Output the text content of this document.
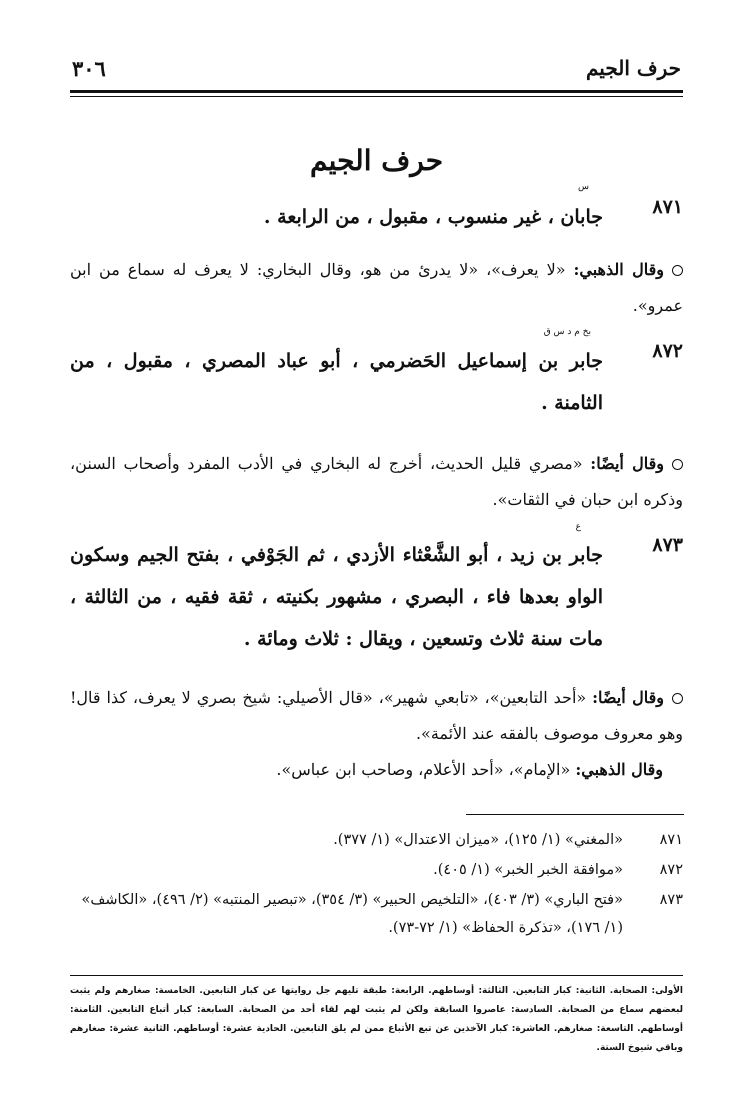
حرف الجيم
٣٠٦
حرف الجيم
٨٧١
س
جابان ، غير منسوب ، مقبول ، من الرابعة .
وقال الذهبي: «لا يعرف»، «لا يدرئ من هو، وقال البخاري: لا يعرف له سماع من ابن عمرو».
٨٧٢
بخ م د س ق
جابر بن إسماعيل الحَضرمي ، أبو عباد المصري ، مقبول ، من الثامنة .
وقال أيضًا: «مصري قليل الحديث، أخرج له البخاري في الأدب المفرد وأصحاب السنن، وذكره ابن حبان في الثقات».
٨٧٣
ع
جابر بن زيد ، أبو الشَّعْثاء الأزدي ، ثم الجَوْفي ، بفتح الجيم وسكون الواو بعدها فاء ، البصري ، مشهور بكنيته ، ثقة فقيه ، من الثالثة ، مات سنة ثلاث وتسعين ، ويقال : ثلاث ومائة .
وقال أيضًا: «أحد التابعين»، «تابعي شهير»، «قال الأصيلي: شيخ بصري لا يعرف، كذا قال! وهو معروف موصوف بالفقه عند الأئمة».
وقال الذهبي: «الإمام»، «أحد الأعلام، وصاحب ابن عباس».
٨٧١
«المغني» (١/ ١٢٥)، «ميزان الاعتدال» (١/ ٣٧٧).
٨٧٢
«موافقة الخبر الخبر» (١/ ٤٠٥).
٨٧٣
«فتح الباري» (٣/ ٤٠٣)، «التلخيص الحبير» (٣/ ٣٥٤)، «تبصير المنتبه» (٢/ ٤٩٦)، «الكاشف» (١/ ١٧٦)، «تذكرة الحفاظ» (١/ ٧٢-٧٣).
الأولى: الصحابة. الثانية: كبار التابعين. الثالثة: أوساطهم. الرابعة: طبقة تليهم جل روايتها عن كبار التابعين. الخامسة: صغارهم ولم يثبت لبعضهم سماع من الصحابة. السادسة: عاصروا السابقة ولكن لم يثبت لهم لقاء أحد من الصحابة. السابعة: كبار أتباع التابعين. الثامنة: أوساطهم. التاسعة: صغارهم. العاشرة: كبار الآخذين عن تبع الأتباع ممن لم يلق التابعين. الحادية عشرة: أوساطهم. الثانية عشرة: صغارهم وباقي شيوخ الستة.
